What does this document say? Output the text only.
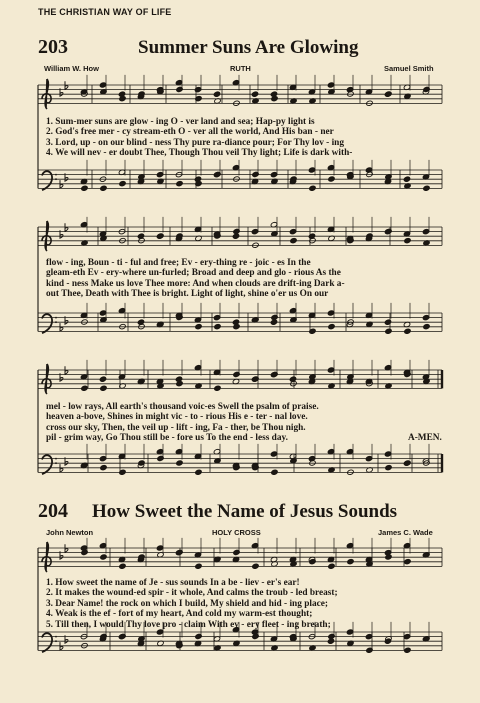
THE CHRISTIAN WAY OF LIFE
203	Summer Suns Are Glowing
William W. How	RUTH	Samuel Smith
1. Sum-mer suns are glow - ing O - ver land and sea; Hap-py light is
2. God's free mer - cy stream-eth O - ver all the world, And His ban - ner
3. Lord, up - on our blind - ness Thy pure ra-diance pour; For Thy lov - ing
4. We will nev - er doubt Thee, Though Thou veil Thy light; Life is dark with-
flow - ing, Boun - ti - ful and free; Ev - ery-thing re - joic - es In the
gleam-eth Ev - ery-where un-furled; Broad and deep and glo - rious As the
kind - ness Make us love Thee more: And when clouds are drift-ing Dark a-
out Thee, Death with Thee is bright. Light of light, shine o'er us On our
mel - low rays, All earth's thousand voic-es Swell the psalm of praise.
heaven a-bove, Shines in might vic - to - rious His e - ter - nal love.
cross our sky, Then, the veil up - lift - ing, Fa - ther, be Thou nigh.
pil - grim way, Go Thou still be - fore us To the end - less day.	A-MEN.
204 How Sweet the Name of Jesus Sounds
John Newton	HOLY CROSS	James C. Wade
1. How sweet the name of Je - sus sounds In a be - liev - er's ear!
2. It makes the wound-ed spir - it whole, And calms the troub - led breast;
3. Dear Name! the rock on which I build, My shield and hid - ing place;
4. Weak is the ef - fort of my heart, And cold my warm-est thought;
5. Till then, I would Thy love pro - claim With ev - ery fleet - ing breath;
